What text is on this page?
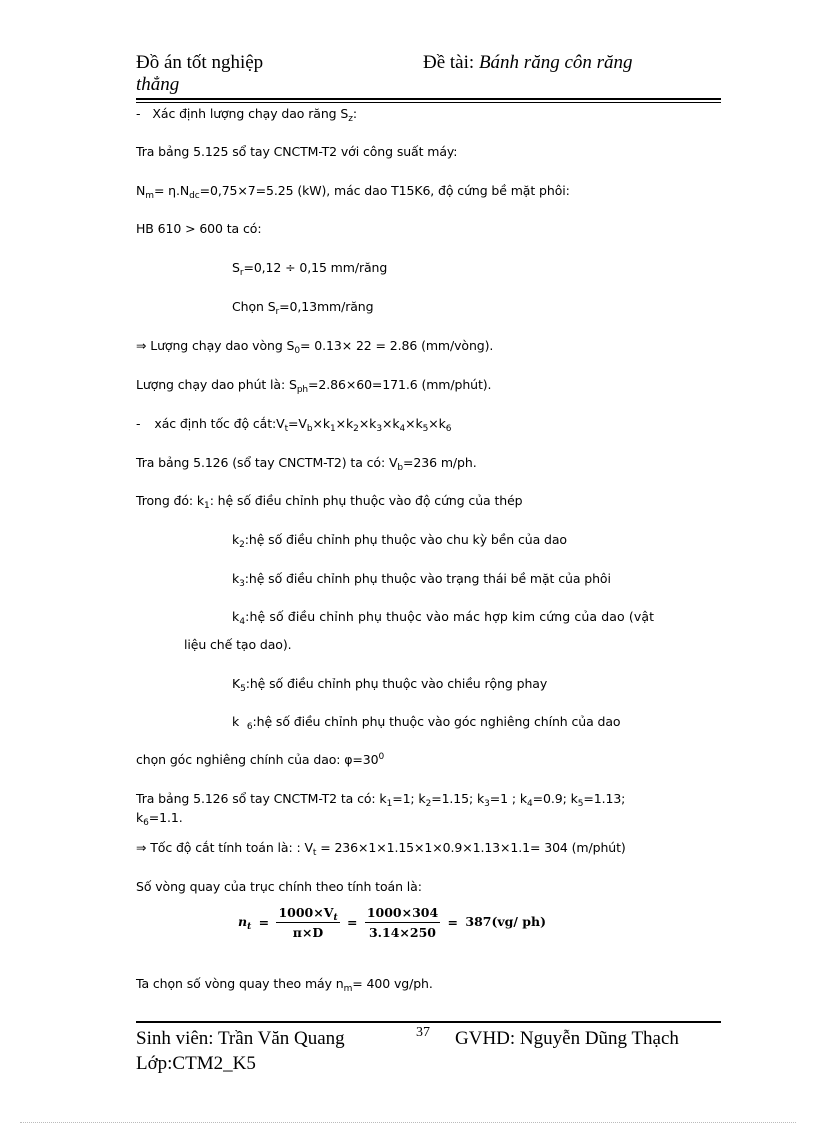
Đồ án tốt nghiệp	Đề tài: Bánh răng côn răng
thẳng
- Xác định lượng chạy dao răng $S_z$:
Tra bảng 5.125 sổ tay CNCTM-T2 với công suất máy:
$N_m= \eta.N_{dc}=0,75\times 7=5.25$ (kW), mác dao T15K6, độ cứng bề mặt phôi:
HB 610 > 600 ta có:
$S_r=0,12 \div 0,15$ mm/răng
Chọn $S_r=0,13mm$/răng
⇒ Lượng chạy dao vòng $S_0= 0.13\times 22 = 2.86$ (mm/vòng).
Lượng chạy dao phút là: $S_{ph}=2.86\times 60=171.6$ (mm/phút).
- xác định tốc độ $cắt:V_t=V_b\times k_1\times k_2\times k_3\times k_4\times k_5\times k_6$
Tra bảng 5.126 (sổ tay CNCTM-T2) ta có: $V_b=236$ m/ph.
Trong đó: $k_1$: hệ số điều chỉnh phụ thuộc vào độ cứng của thép
$k_2:hệ$ số điều chỉnh phụ thuộc vào chu kỳ bền của dao
$k_3:hệ$ số điều chỉnh phụ thuộc vào trạng thái bề mặt của phôi
$k_4:hệ$ số điều chỉnh phụ thuộc vào mác hợp kim cứng của dao (vật
liệu chế tạo dao).
$K_5:hệ$ số điều chỉnh phụ thuộc vào chiều rộng phay
k  $_6$:hệ số điều chỉnh phụ thuộc vào góc nghiêng chính của dao
chọn góc nghiêng chính của dao: $\varphi=30^0$
Tra bảng 5.126 sổ tay CNCTM-T2 ta có: $k_1=1$; $k_2=1.15$; $k_3=1$ ; $k_4=0.9$; $k_5=1.13$;
$k_6=1.1$.
⇒ Tốc độ cắt tính toán là: : $V_t = 236\times 1\times 1.15\times 1\times 0.9\times 1.13\times 1.1= 304$ (m/phút)
Số vòng quay của trục chính theo tính toán là:
$n_t = \frac{1000\times V_t}{\pi\times D} = \frac{1000\times 304}{3.14\times 250} = 387(vg/$ ph)
Ta chọn số vòng quay theo máy $n_m= 400$ vg/ph.
Sinh viên: Trần Văn Quang	37 GVHD: Nguyễn Dũng Thạch
Lớp:CTM2_K5
